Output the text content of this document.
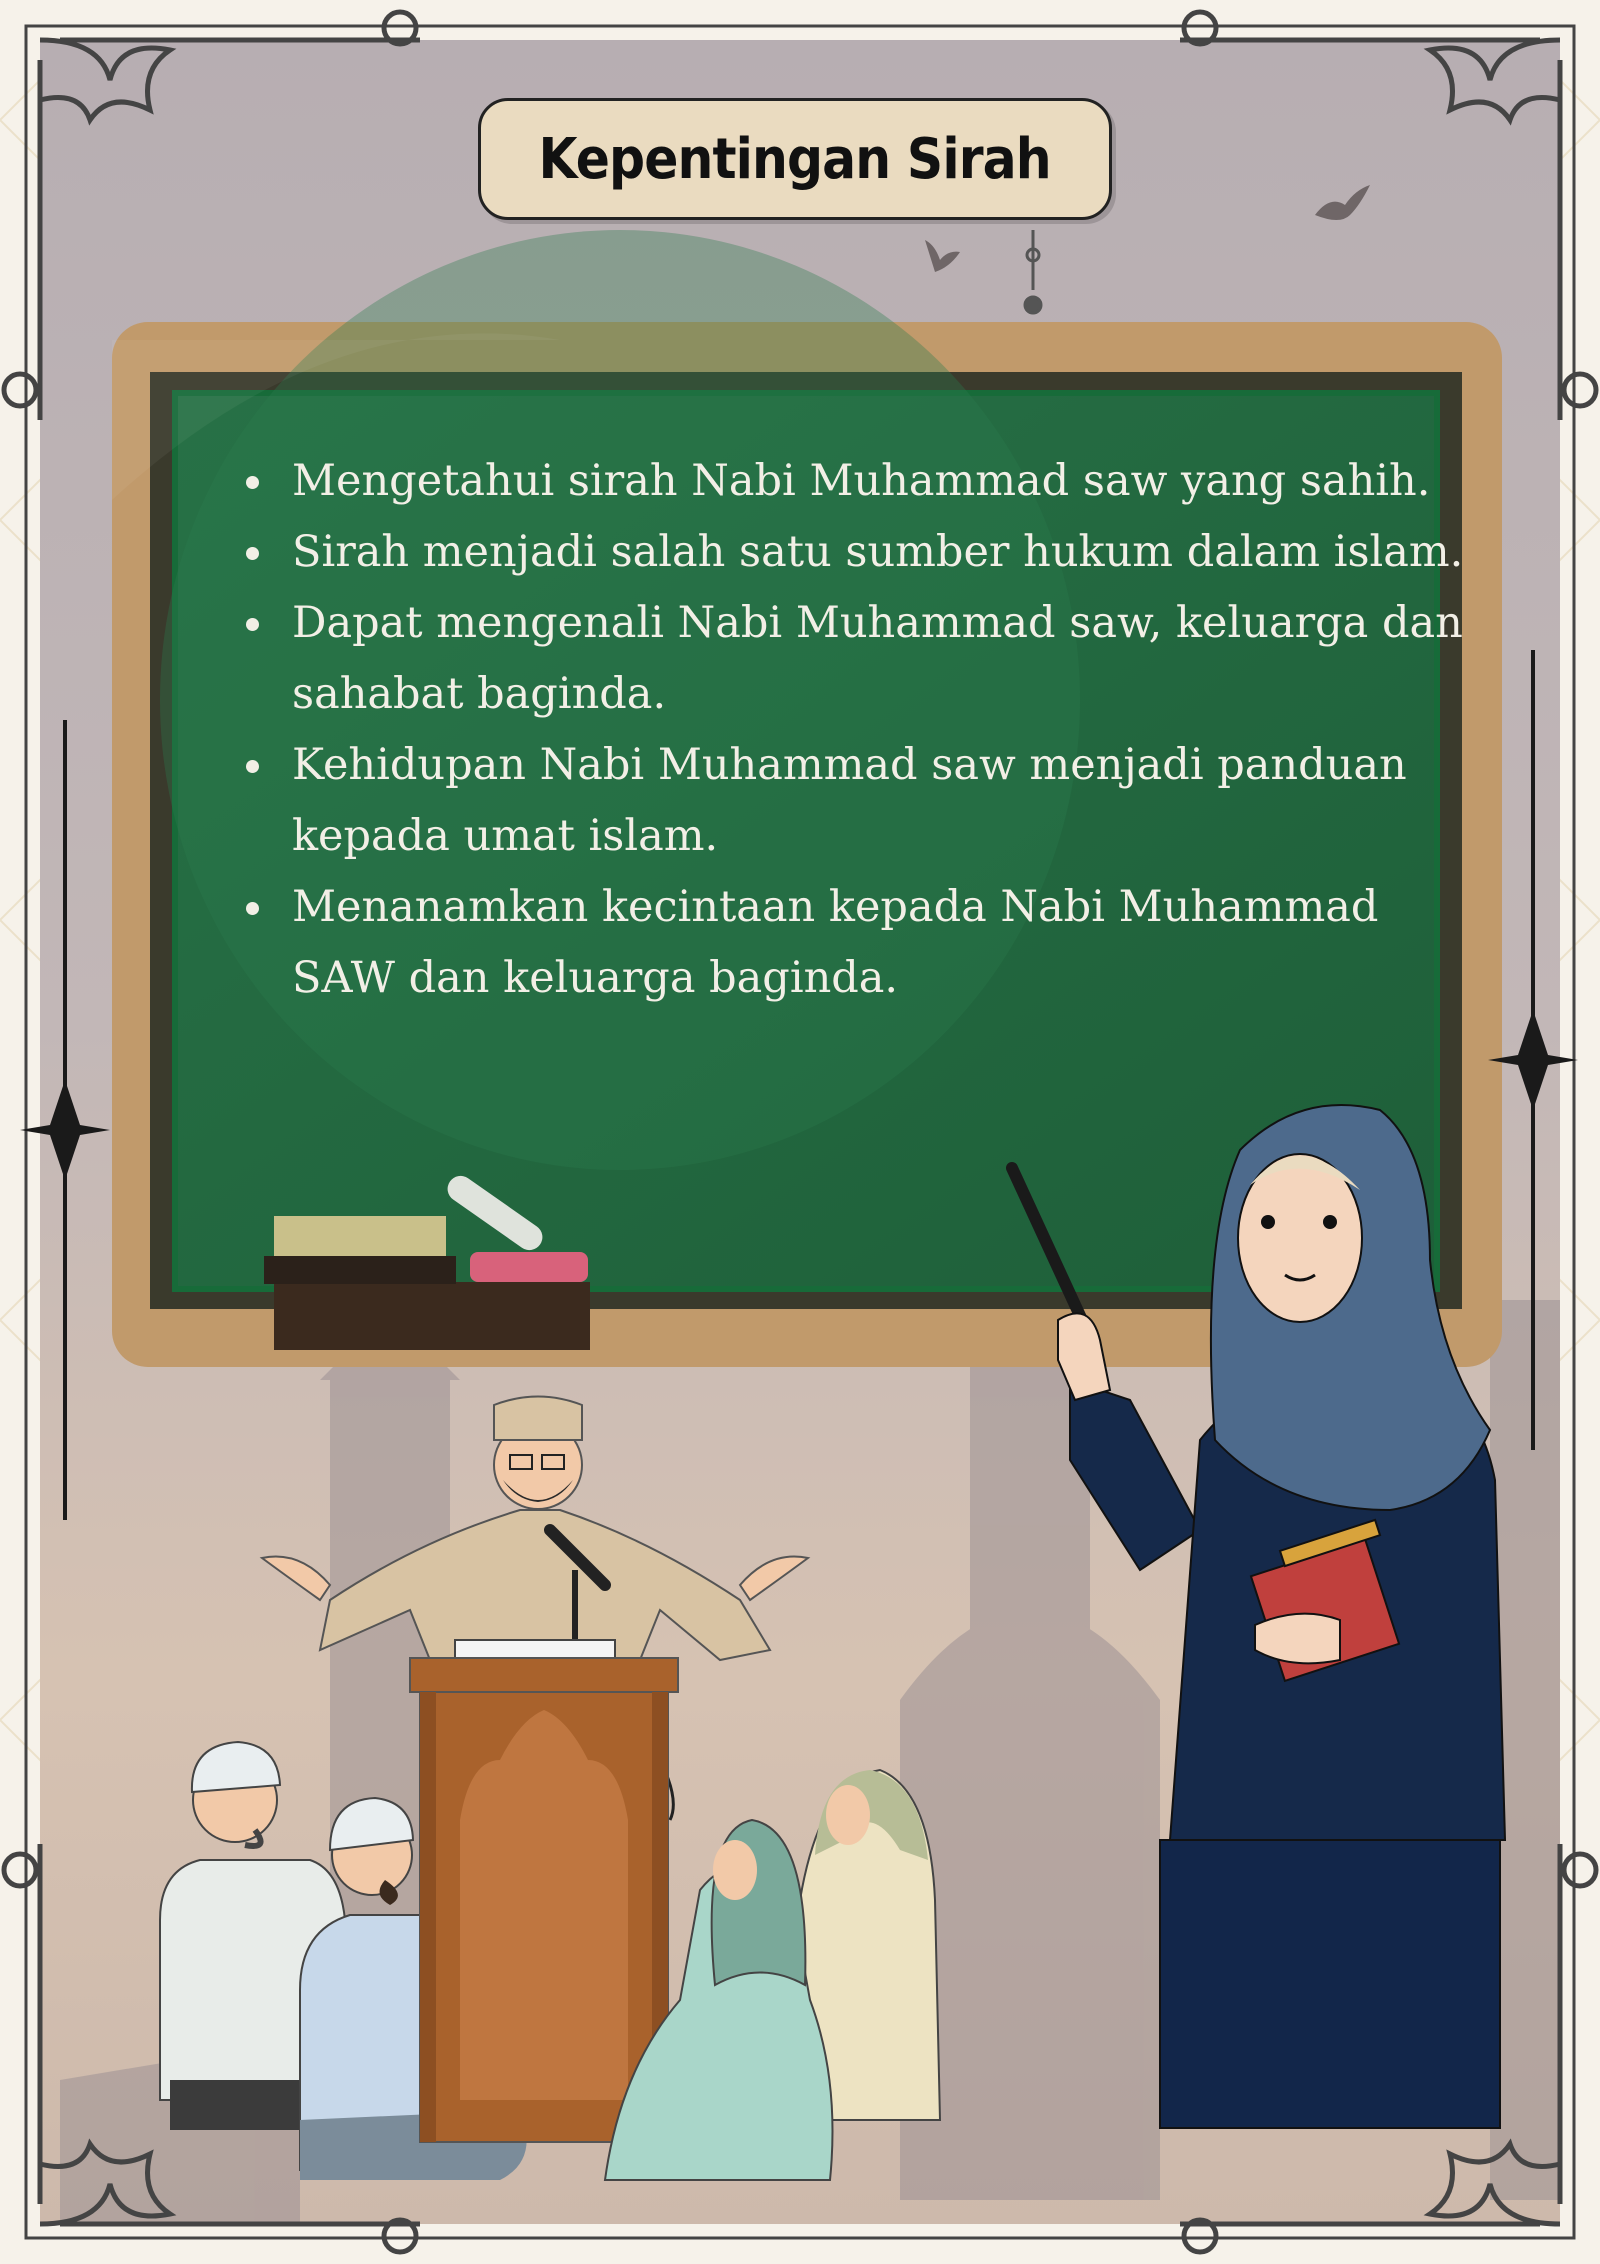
Kepentingan Sirah
Mengetahui sirah Nabi Muhammad saw yang sahih.
Sirah menjadi salah satu sumber hukum dalam islam.
Dapat mengenali Nabi Muhammad saw, keluarga dan sahabat baginda.
Kehidupan Nabi Muhammad saw menjadi panduan kepada umat islam.
Menanamkan kecintaan kepada Nabi Muhammad SAW dan keluarga baginda.
